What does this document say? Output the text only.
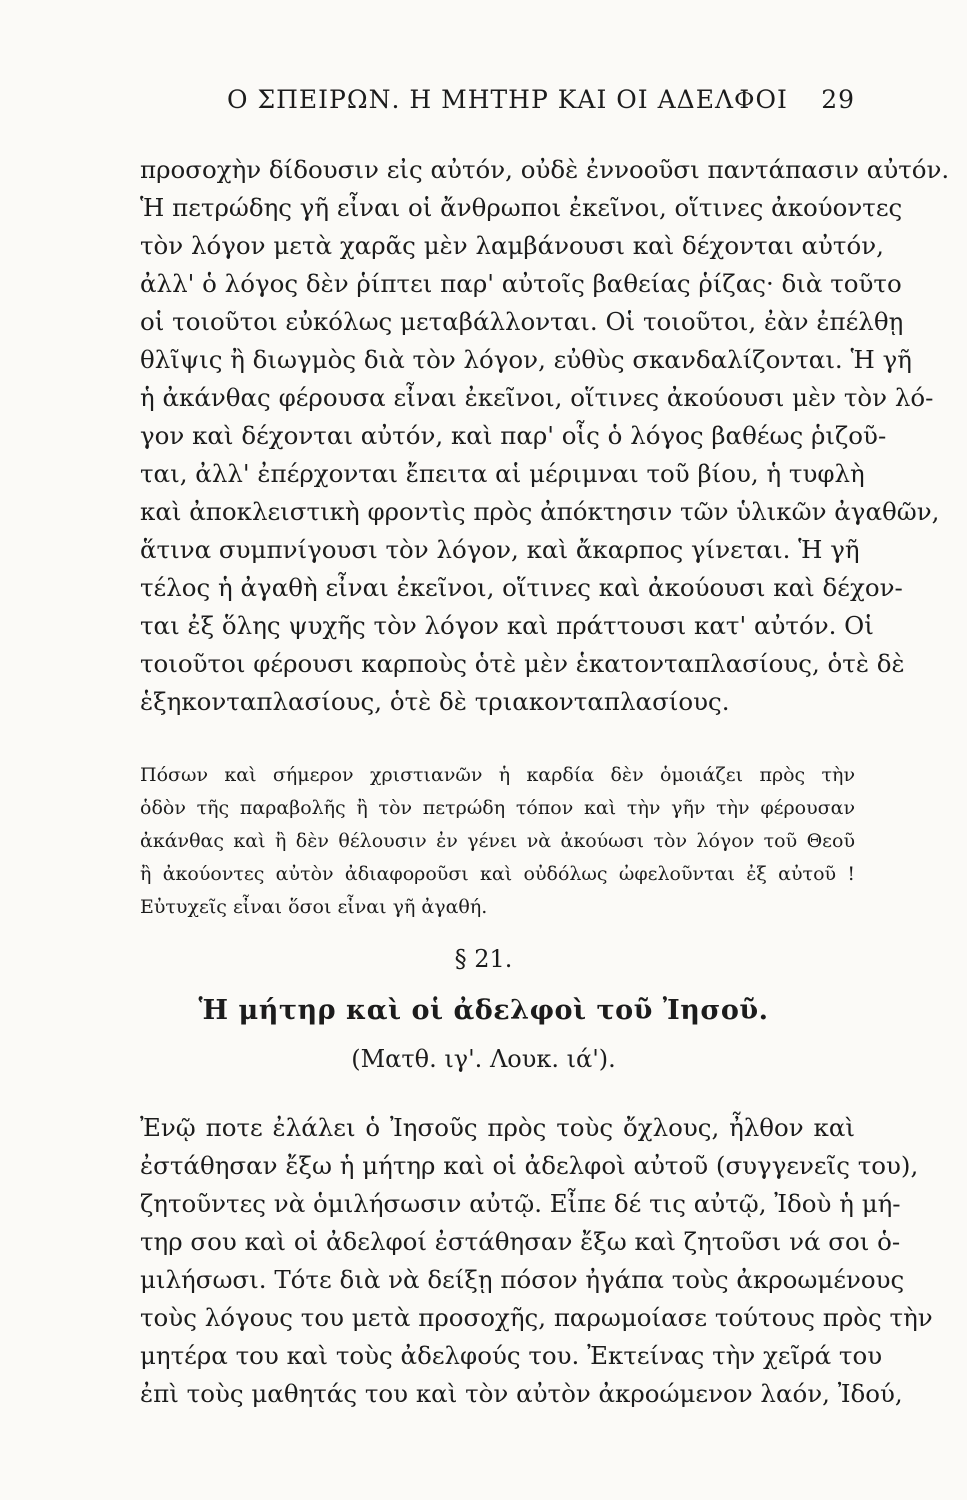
Ο ΣΠΕΙΡΩΝ. Η ΜΗΤΗΡ ΚΑΙ ΟΙ ΑΔΕΛΦΟΙ 29
προσοχὴν δίδουσιν εἰς αὐτόν, οὐδὲ ἐννοοῦσι παντάπασιν αὐτόν.
Ἡ πετρώδης γῆ εἶναι οἱ ἄνθρωποι ἐκεῖνοι, οἵτινες ἀκούοντες
τὸν λόγον μετὰ χαρᾶς μὲν λαμβάνουσι καὶ δέχονται αὐτόν,
ἀλλ' ὁ λόγος δὲν ῥίπτει παρ' αὐτοῖς βαθείας ῥίζας· διὰ τοῦτο
οἱ τοιοῦτοι εὐκόλως μεταβάλλονται. Οἱ τοιοῦτοι, ἐὰν ἐπέλθῃ
θλῖψις ἢ διωγμὸς διὰ τὸν λόγον, εὐθὺς σκανδαλίζονται. Ἡ γῆ
ἡ ἀκάνθας φέρουσα εἶναι ἐκεῖνοι, οἵτινες ἀκούουσι μὲν τὸν λό-
γον καὶ δέχονται αὐτόν, καὶ παρ' οἷς ὁ λόγος βαθέως ῥιζοῦ-
ται, ἀλλ' ἐπέρχονται ἔπειτα αἱ μέριμναι τοῦ βίου, ἡ τυφλὴ
καὶ ἀποκλειστικὴ φροντὶς πρὸς ἀπόκτησιν τῶν ὑλικῶν ἀγαθῶν,
ἅτινα συμπνίγουσι τὸν λόγον, καὶ ἄκαρπος γίνεται. Ἡ γῆ
τέλος ἡ ἀγαθὴ εἶναι ἐκεῖνοι, οἵτινες καὶ ἀκούουσι καὶ δέχον-
ται ἐξ ὅλης ψυχῆς τὸν λόγον καὶ πράττουσι κατ' αὐτόν. Οἱ
τοιοῦτοι φέρουσι καρποὺς ὁτὲ μὲν ἑκατονταπλασίους, ὁτὲ δὲ
ἑξηκονταπλασίους, ὁτὲ δὲ τριακονταπλασίους.
Πόσων καὶ σήμερον χριστιανῶν ἡ καρδία δὲν ὁμοιάζει πρὸς τὴν
ὁδὸν τῆς παραβολῆς ἢ τὸν πετρώδη τόπον καὶ τὴν γῆν τὴν φέρουσαν
ἀκάνθας καὶ ἢ δὲν θέλουσιν ἐν γένει νὰ ἀκούωσι τὸν λόγον τοῦ Θεοῦ
ἢ ἀκούοντες αὐτὸν ἀδιαφοροῦσι καὶ οὐδόλως ὠφελοῦνται ἐξ αὐτοῦ !
Εὐτυχεῖς εἶναι ὅσοι εἶναι γῆ ἀγαθή.
§ 21.
Ἡ μήτηρ καὶ οἱ ἀδελφοὶ τοῦ Ἰησοῦ.
(Ματθ. ιγ'. Λουκ. ιά').
Ἐνῷ ποτε ἐλάλει ὁ Ἰησοῦς πρὸς τοὺς ὄχλους, ἦλθον καὶ
ἐστάθησαν ἔξω ἡ μήτηρ καὶ οἱ ἀδελφοὶ αὐτοῦ (συγγενεῖς του),
ζητοῦντες νὰ ὁμιλήσωσιν αὐτῷ. Εἶπε δέ τις αὐτῷ, Ἰδοὺ ἡ μή-
τηρ σου καὶ οἱ ἀδελφοί ἐστάθησαν ἔξω καὶ ζητοῦσι νά σοι ὁ-
μιλήσωσι. Τότε διὰ νὰ δείξῃ πόσον ἠγάπα τοὺς ἀκροωμένους
τοὺς λόγους του μετὰ προσοχῆς, παρωμοίασε τούτους πρὸς τὴν
μητέρα του καὶ τοὺς ἀδελφούς του. Ἐκτείνας τὴν χεῖρά του
ἐπὶ τοὺς μαθητάς του καὶ τὸν αὐτὸν ἀκροώμενον λαόν, Ἰδού,
